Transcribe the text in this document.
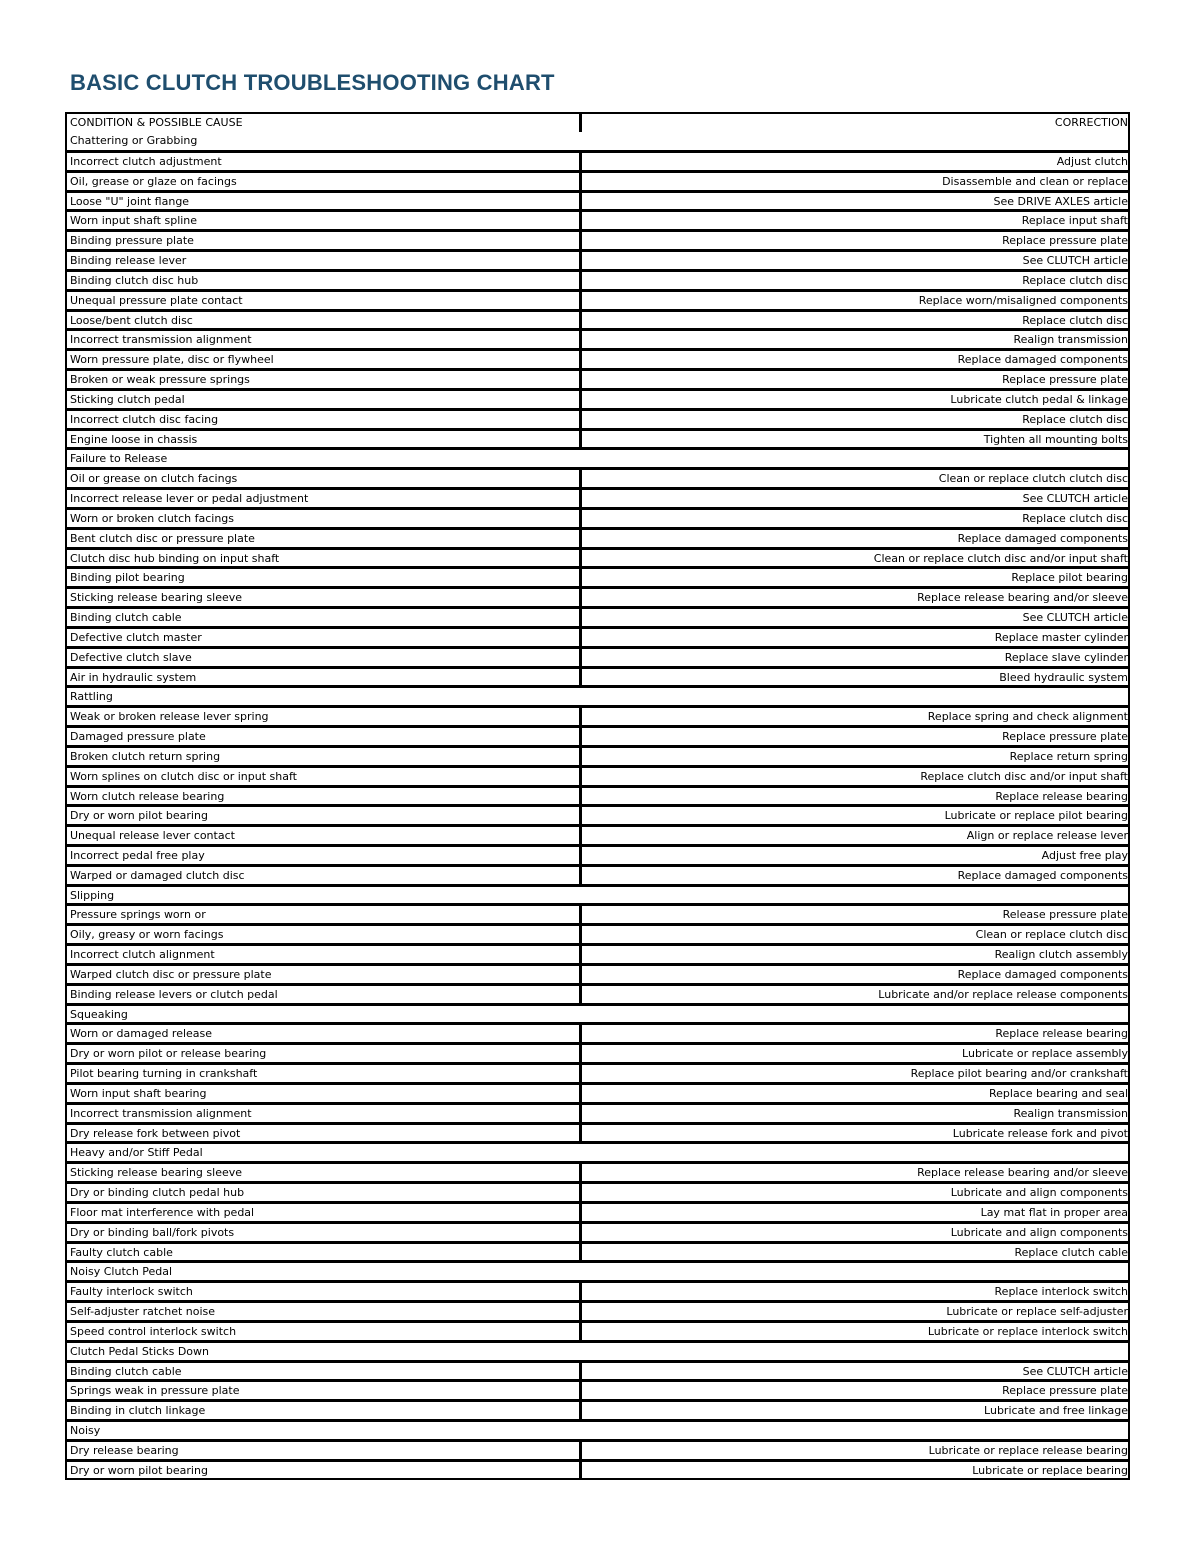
BASIC CLUTCH TROUBLESHOOTING CHART
CONDITION & POSSIBLE CAUSE	CORRECTION
Chattering or Grabbing
Incorrect clutch adjustment	Adjust clutch
Oil, grease or glaze on facings	Disassemble and clean or replace
Loose "U" joint flange	See DRIVE AXLES article
Worn input shaft spline	Replace input shaft
Binding pressure plate	Replace pressure plate
Binding release lever	See CLUTCH article
Binding clutch disc hub	Replace clutch disc
Unequal pressure plate contact	Replace worn/misaligned components
Loose/bent clutch disc	Replace clutch disc
Incorrect transmission alignment	Realign transmission
Worn pressure plate, disc or flywheel	Replace damaged components
Broken or weak pressure springs	Replace pressure plate
Sticking clutch pedal	Lubricate clutch pedal & linkage
Incorrect clutch disc facing	Replace clutch disc
Engine loose in chassis	Tighten all mounting bolts
Failure to Release
Oil or grease on clutch facings	Clean or replace clutch clutch disc
Incorrect release lever or pedal adjustment	See CLUTCH article
Worn or broken clutch facings	Replace clutch disc
Bent clutch disc or pressure plate	Replace damaged components
Clutch disc hub binding on input shaft	Clean or replace clutch disc and/or input shaft
Binding pilot bearing	Replace pilot bearing
Sticking release bearing sleeve	Replace release bearing and/or sleeve
Binding clutch cable	See CLUTCH article
Defective clutch master	Replace master cylinder
Defective clutch slave	Replace slave cylinder
Air in hydraulic system	Bleed hydraulic system
Rattling
Weak or broken release lever spring	Replace spring and check alignment
Damaged pressure plate	Replace pressure plate
Broken clutch return spring	Replace return spring
Worn splines on clutch disc or input shaft	Replace clutch disc and/or input shaft
Worn clutch release bearing	Replace release bearing
Dry or worn pilot bearing	Lubricate or replace pilot bearing
Unequal release lever contact	Align or replace release lever
Incorrect pedal free play	Adjust free play
Warped or damaged clutch disc	Replace damaged components
Slipping
Pressure springs worn or	Release pressure plate
Oily, greasy or worn facings	Clean or replace clutch disc
Incorrect clutch alignment	Realign clutch assembly
Warped clutch disc or pressure plate	Replace damaged components
Binding release levers or clutch pedal	Lubricate and/or replace release components
Squeaking
Worn or damaged release	Replace release bearing
Dry or worn pilot or release bearing	Lubricate or replace assembly
Pilot bearing turning in crankshaft	Replace pilot bearing and/or crankshaft
Worn input shaft bearing	Replace bearing and seal
Incorrect transmission alignment	Realign transmission
Dry release fork between pivot	Lubricate release fork and pivot
Heavy and/or Stiff Pedal
Sticking release bearing sleeve	Replace release bearing and/or sleeve
Dry or binding clutch pedal hub	Lubricate and align components
Floor mat interference with pedal	Lay mat flat in proper area
Dry or binding ball/fork pivots	Lubricate and align components
Faulty clutch cable	Replace clutch cable
Noisy Clutch Pedal
Faulty interlock switch	Replace interlock switch
Self-adjuster ratchet noise	Lubricate or replace self-adjuster
Speed control interlock switch	Lubricate or replace interlock switch
Clutch Pedal Sticks Down
Binding clutch cable	See CLUTCH article
Springs weak in pressure plate	Replace pressure plate
Binding in clutch linkage	Lubricate and free linkage
Noisy
Dry release bearing	Lubricate or replace release bearing
Dry or worn pilot bearing	Lubricate or replace bearing
